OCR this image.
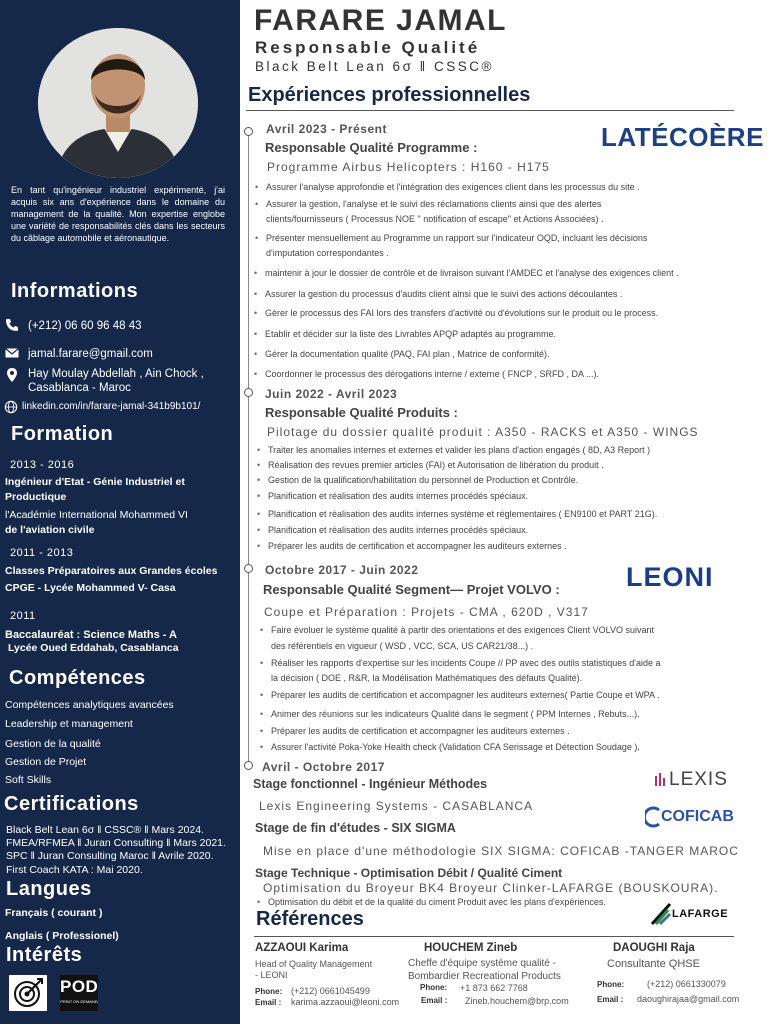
En tant qu'ingénieur industriel expérimenté, j'ai acquis six ans d'expérience dans le domaine du management de la qualité. Mon expertise englobe une variété de responsabilités clés dans les secteurs du câblage automobile et aéronautique.

Informations
(+212) 06 60 96 48 43
jamal.farare@gmail.com
Hay Moulay Abdellah , Ain Chock ,
Casablanca - Maroc
linkedin.com/in/farare-jamal-341b9b101/
Formation
2013 - 2016
Ingénieur d'Etat - Génie Industriel et
Productique
l'Académie International Mohammed VI
de l'aviation civile
2011 - 2013
Classes Préparatoires aux Grandes écoles
CPGE - Lycée Mohammed V- Casa
2011
Baccalauréat : Science Maths - A
Lycée Oued Eddahab, Casablanca
Compétences
Compétences analytiques avancées
Leadership et management
Gestion de la qualité
Gestion de Projet
Soft Skills
Certifications
Black Belt Lean 6σ ‖ CSSC® ‖ Mars 2024.
FMEA/RFMEA ‖ Juran Consulting ‖ Mars 2021.
SPC ‖ Juran Consulting Maroc ‖ Avrile 2020.
First Coach KATA : Mai 2020.
Langues
Français ( courant )
Anglais ( Professionel)
Intérêts
POD
PRINT ON DEMAND
FARARE JAMAL
Responsable Qualité
Black Belt Lean 6σ ‖ CSSC®
Expériences professionnelles
Avril 2023 - Présent
Responsable Qualité Programme :
Programme Airbus Helicopters : H160 - H175
LATÉCOÈRE
• Assurer l'analyse approfondie et l'intégration des exigences client dans les processus du site .
• Assurer la gestion, l'analyse et le suivi des réclamations clients ainsi que des alertes
clients/fournisseurs ( Processus NOE " notification of escape" et Actions Associées) .
• Présenter mensuellement au Programme un rapport sur l'indicateur OQD, incluant les décisions
d'imputation correspondantes .
• maintenir à jour le dossier de contrôle et de livraison suivant l'AMDEC et l'analyse des exigences client .
• Assurer la gestion du processus d'audits client ainsi que le suivi des actions découlantes .
• Gérer le processus des FAI lors des transfers d'activité ou d'évolutions sur le produit ou le process.
• Etablir et décider sur la liste des Livrables APQP adaptés au programme.
• Gérer la documentation qualité (PAQ, FAI plan , Matrice de conformité).
• Coordonner le processus des dérogations interne / externe ( FNCP , SRFD , DA ...).
Juin 2022 - Avril 2023
Responsable Qualité Produits :
Pilotage du dossier qualité produit : A350 - RACKS et A350 - WINGS
• Traiter les anomalies internes et externes et valider les plans d'action engagés ( 8D, A3 Report )
• Réalisation des revues premier articles (FAI) et Autorisation de libération du produit .
• Gestion de la qualification/habilitation du personnel de Production et Contrôle.
• Planification et réalisation des audits internes procédés spéciaux.
• Planification et réalisation des audits internes système et réglementaires ( EN9100 et PART 21G).
• Planification et réalisation des audits internes procédés spéciaux.
• Préparer les audits de certification et accompagner les auditeurs externes .
Octobre 2017 - Juin 2022
Responsable Qualité Segment— Projet VOLVO :
Coupe et Préparation : Projets - CMA , 620D , V317
LEONI
• Faire évoluer le système qualité à partir des orientations et des exigences Client VOLVO suivant
des référentiels en vigueur ( WSD , VCC, SCA, US CAR21/38...) .
• Réaliser les rapports d'expertise sur les incidents Coupe // PP avec des outils statistiques d'aide a
la décision ( DOE , R&R, la Modélisation Mathématiques des défauts Qualité).
• Préparer les audits de certification et accompagner les auditeurs externes( Partie Coupe et WPA .
• Animer des réunions sur les indicateurs Qualité dans le segment ( PPM Internes , Rebuts...).
• Préparer les audits de certification et accompagner les auditeurs externes .
• Assurer l'activité Poka-Yoke Health check (Validation CFA Serissage et Détection Soudage ).
Avril - Octobre 2017
Stage fonctionnel - Ingénieur Méthodes
Lexis Engineering Systems - CASABLANCA
Stage de fin d'études - SIX SIGMA
Mise en place d'une méthodologie SIX SIGMA: COFICAB -TANGER MAROC
Stage Technique - Optimisation Débit / Qualité Ciment
Optimisation du Broyeur BK4 Broyeur Clinker-LAFARGE (BOUSKOURA).
• Optimisation du débit et de la qualité du ciment Produit avec les plans d'expériences.
LEXIS
COFICAB
LAFARGE
Références
AZZAOUI Karima
Head of Quality Management
- LEONI
Phone: (+212) 0661045499
Email : karima.azzaoui@leoni.com
HOUCHEM Zineb
Cheffe d'équipe système qualité -
Bombardier Recreational Products
Phone: +1 873 662 7768
Email : Zineb.houchem@brp.com
DAOUGHI Raja
Consultante QHSE
Phone:	(+212) 0661330079
Email : daoughirajaa@gmail.com
